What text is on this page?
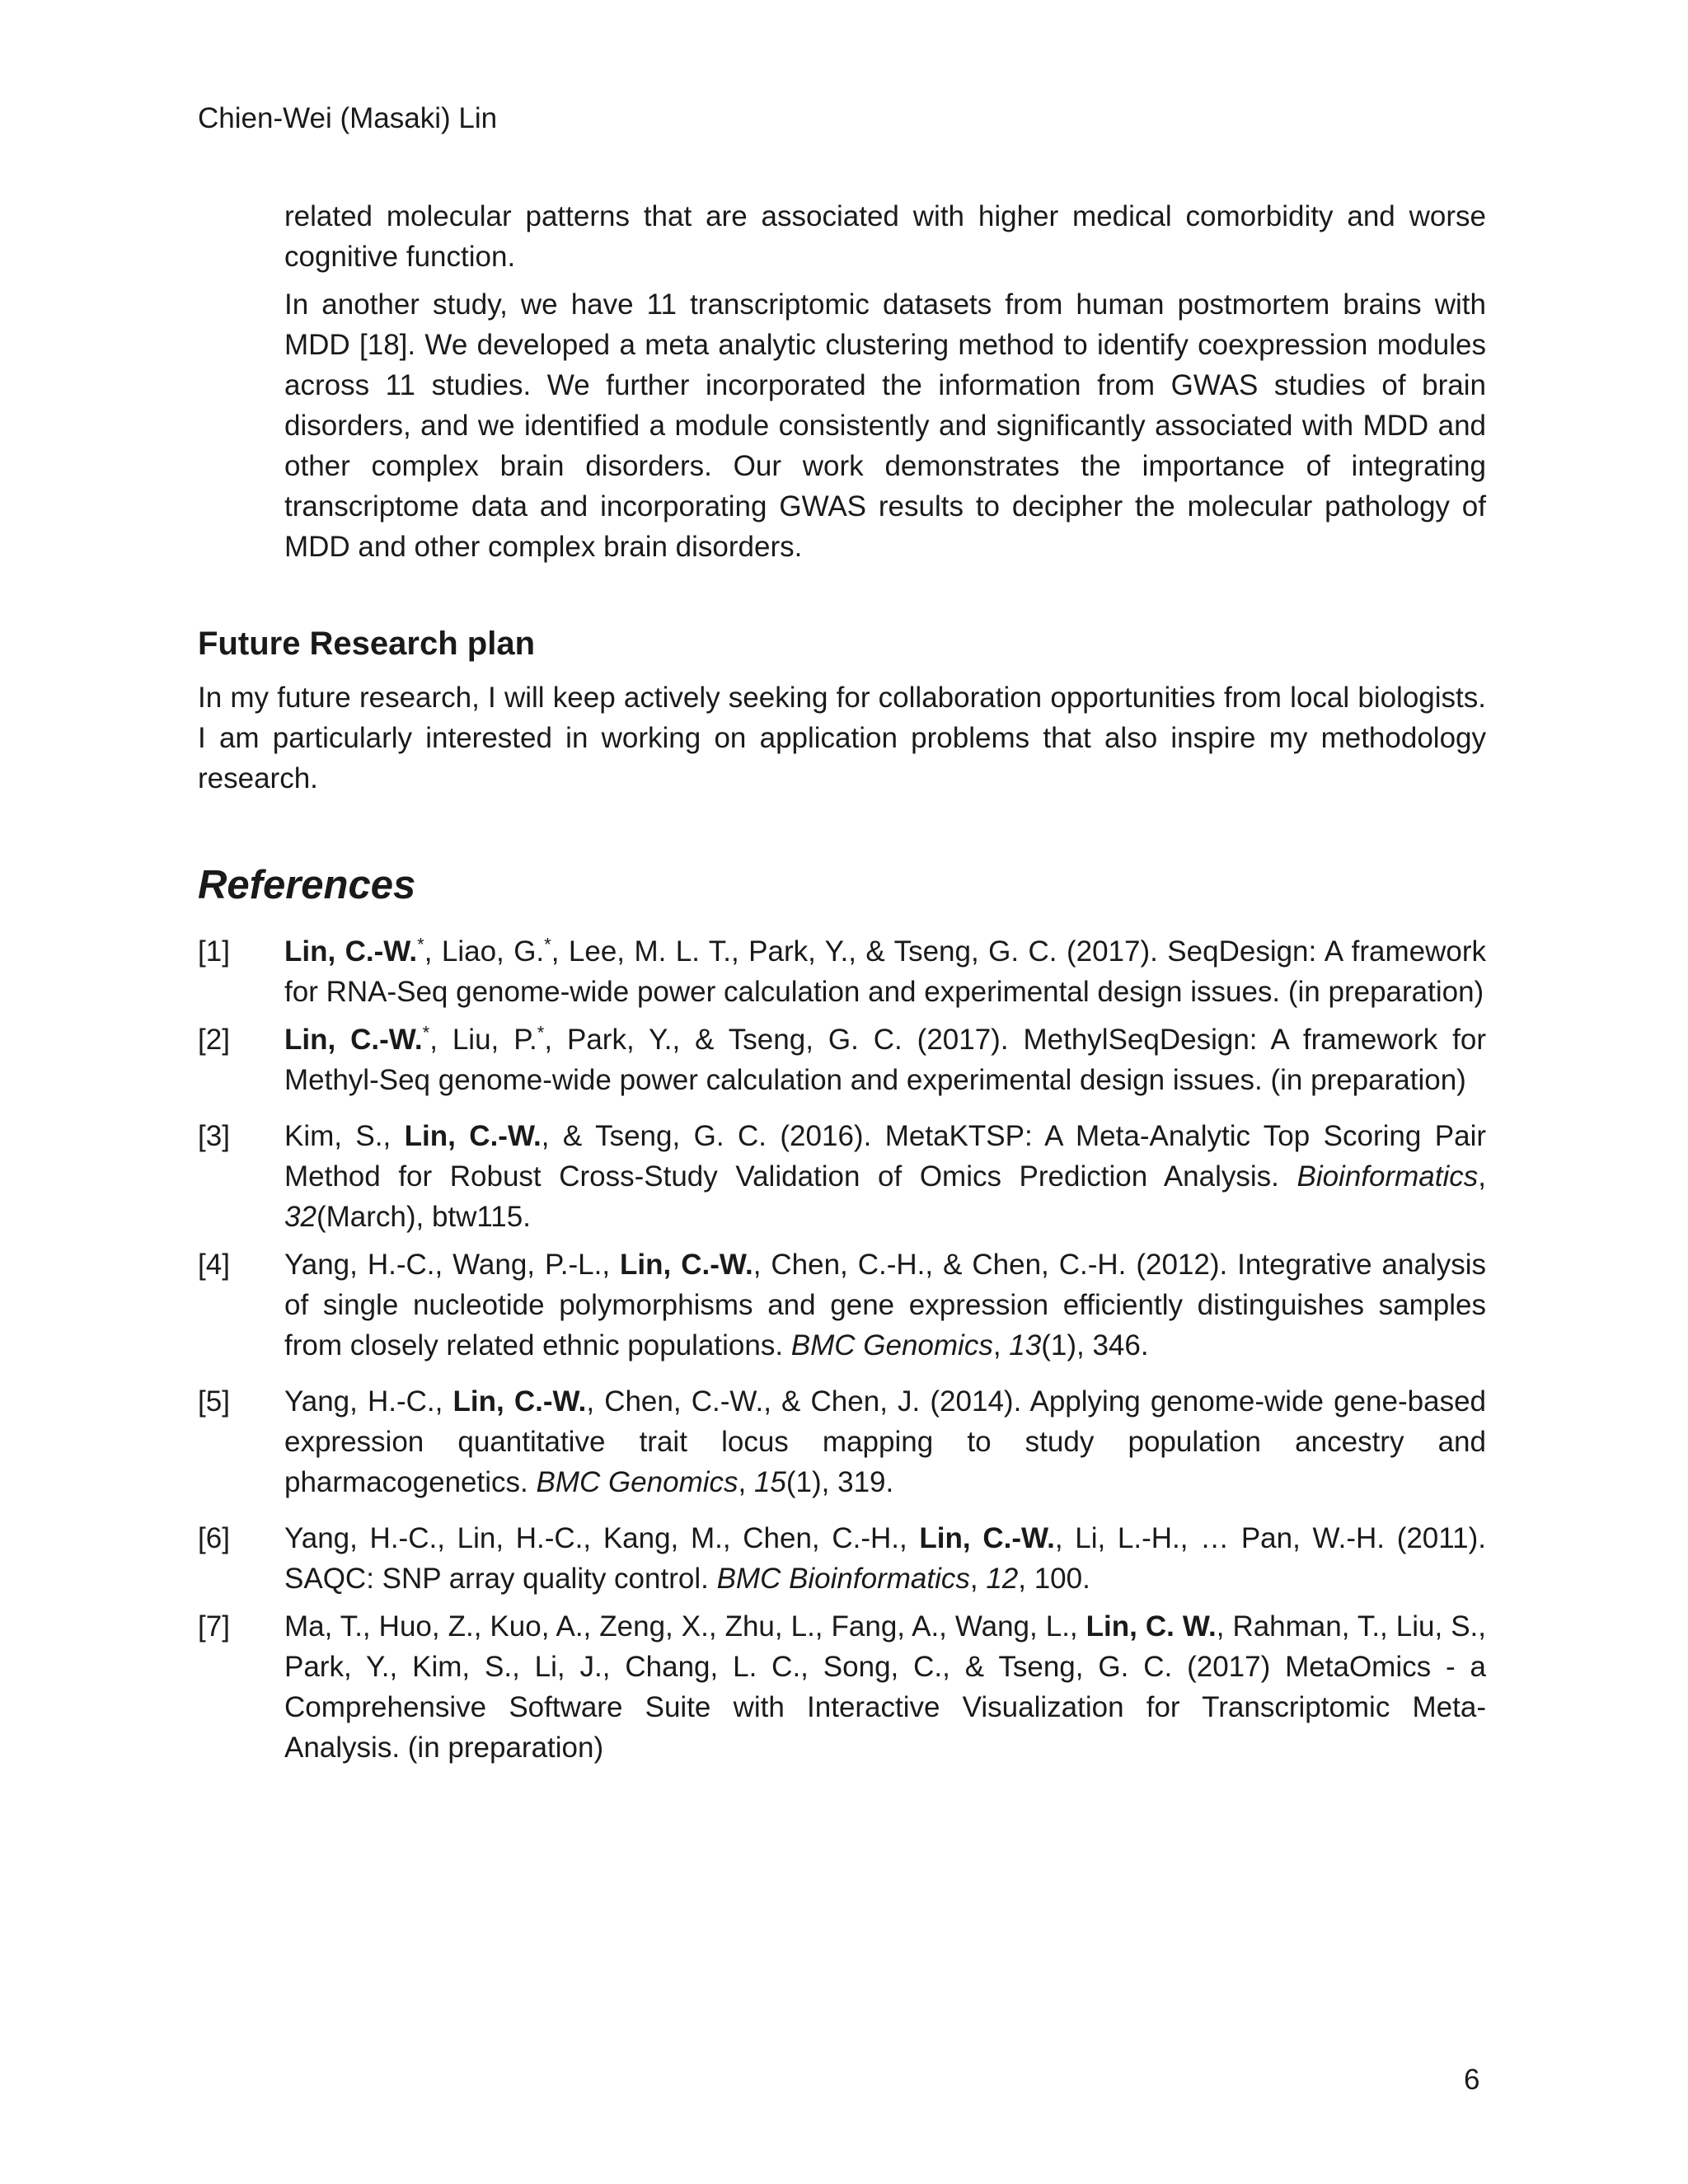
Chien-Wei (Masaki) Lin

related molecular patterns that are associated with higher medical comorbidity and worse cognitive function.

In another study, we have 11 transcriptomic datasets from human postmortem brains with MDD [18]. We developed a meta analytic clustering method to identify coexpression modules across 11 studies. We further incorporated the information from GWAS studies of brain disorders, and we identified a module consistently and significantly associated with MDD and other complex brain disorders. Our work demonstrates the importance of integrating transcriptome data and incorporating GWAS results to decipher the molecular pathology of MDD and other complex brain disorders.

Future Research plan

In my future research, I will keep actively seeking for collaboration opportunities from local biologists. I am particularly interested in working on application problems that also inspire my methodology research.

References

[1]	Lin, C.-W.*, Liao, G.*, Lee, M. L. T., Park, Y., & Tseng, G. C. (2017). SeqDesign: A framework for RNA-Seq genome-wide power calculation and experimental design issues. (in preparation)
[2]	Lin, C.-W.*, Liu, P.*, Park, Y., & Tseng, G. C. (2017). MethylSeqDesign: A framework for Methyl-Seq genome-wide power calculation and experimental design issues. (in preparation)
[3]	Kim, S., Lin, C.-W., & Tseng, G. C. (2016). MetaKTSP: A Meta-Analytic Top Scoring Pair Method for Robust Cross-Study Validation of Omics Prediction Analysis. Bioinformatics, 32(March), btw115.
[4]	Yang, H.-C., Wang, P.-L., Lin, C.-W., Chen, C.-H., & Chen, C.-H. (2012). Integrative analysis of single nucleotide polymorphisms and gene expression efficiently distinguishes samples from closely related ethnic populations. BMC Genomics, 13(1), 346.
[5]	Yang, H.-C., Lin, C.-W., Chen, C.-W., & Chen, J. (2014). Applying genome-wide gene-based expression quantitative trait locus mapping to study population ancestry and pharmacogenetics. BMC Genomics, 15(1), 319.
[6]	Yang, H.-C., Lin, H.-C., Kang, M., Chen, C.-H., Lin, C.-W., Li, L.-H., … Pan, W.-H. (2011). SAQC: SNP array quality control. BMC Bioinformatics, 12, 100.
[7]	Ma, T., Huo, Z., Kuo, A., Zeng, X., Zhu, L., Fang, A., Wang, L., Lin, C. W., Rahman, T., Liu, S., Park, Y., Kim, S., Li, J., Chang, L. C., Song, C., & Tseng, G. C. (2017) MetaOmics - a Comprehensive Software Suite with Interactive Visualization for Transcriptomic Meta-Analysis. (in preparation)
6
